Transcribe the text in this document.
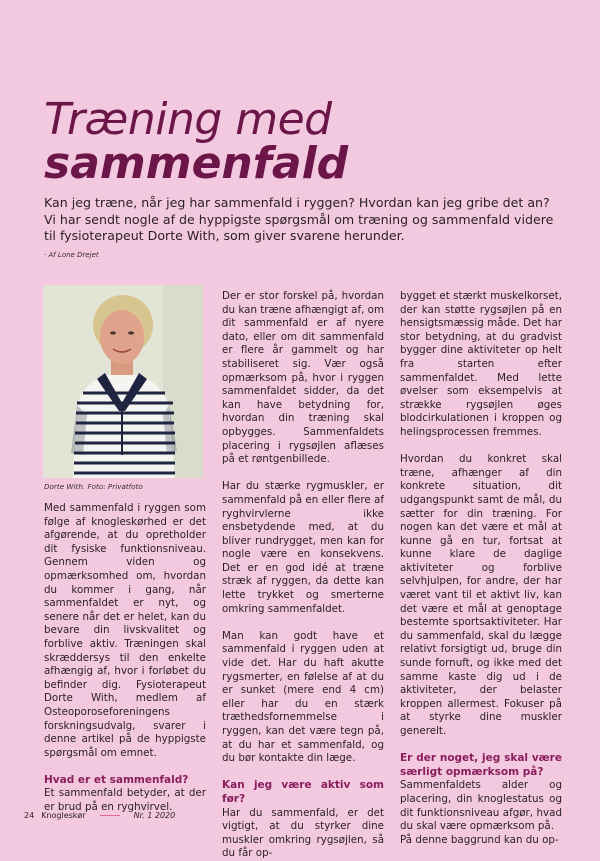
Træning med
sammenfald

Kan jeg træne, når jeg har sammenfald i ryggen? Hvordan kan jeg gribe det an? Vi har sendt nogle af de hyppigste spørgsmål om træning og sammenfald videre til fysioterapeut Dorte With, som giver svarene herunder.

· Af Lone Drejet
Dorte With. Foto: Privatfoto

Med sammenfald i ryggen som følge af knogleskørhed er det afgørende, at du opretholder dit fysiske funktionsniveau. Gennem viden og opmærksomhed om, hvordan du kommer i gang, når sammenfaldet er nyt, og senere når det er helet, kan du bevare din livskvalitet og forblive aktiv. Træningen skal skræddersys til den enkelte afhængig af, hvor i forløbet du befinder dig. Fysioterapeut Dorte With, medlem af Osteoporoseforeningens forskningsudvalg, svarer i denne artikel på de hyppigste spørgsmål om emnet.

Hvad er et sammenfald?

Et sammenfald betyder, at der er brud på en ryghvirvel.

Der er stor forskel på, hvordan du kan træne afhængigt af, om dit sammenfald er af nyere dato, eller om dit sammenfald er flere år gammelt og har stabiliseret sig. Vær også opmærksom på, hvor i ryggen sammenfaldet sidder, da det kan have betydning for, hvordan din træning skal opbygges. Sammenfaldets placering i rygsøjlen aflæses på et røntgenbillede.

Har du stærke rygmuskler, er sammenfald på en eller flere af ryghvirvlerne ikke ensbetydende med, at du bliver rundrygget, men kan for nogle være en konsekvens. Det er en god idé at træne stræk af ryggen, da dette kan lette trykket og smerterne omkring sammenfaldet.

Man kan godt have et sammenfald i ryggen uden at vide det. Har du haft akutte rygsmerter, en følelse af at du er sunket (mere end 4 cm) eller har du en stærk træthedsfornemmelse i ryggen, kan det være tegn på, at du har et sammenfald, og du bør kontakte din læge.

Kan jeg være aktiv som før?

Har du sammenfald, er det vigtigt, at du styrker dine muskler omkring rygsøjlen, så du får op-

bygget et stærkt muskelkorset, der kan støtte rygsøjlen på en hensigtsmæssig måde. Det har stor betydning, at du gradvist bygger dine aktiviteter op helt fra starten efter sammenfaldet. Med lette øvelser som eksempelvis at strække rygsøjlen øges blodcirkulationen i kroppen og helingsprocessen fremmes.

Hvordan du konkret skal træne, afhænger af din konkrete situation, dit udgangspunkt samt de mål, du sætter for din træning. For nogen kan det være et mål at kunne gå en tur, fortsat at kunne klare de daglige aktiviteter og forblive selvhjulpen, for andre, der har været vant til et aktivt liv, kan det være et mål at genoptage bestemte sportsaktiviteter. Har du sammenfald, skal du lægge relativt forsigtigt ud, bruge din sunde fornuft, og ikke med det samme kaste dig ud i de aktiviteter, der belaster kroppen allermest. Fokuser på at styrke dine muskler generelt.

Er der noget, jeg skal være særligt opmærksom på?

Sammenfaldets alder og placering, din knoglestatus og dit funktionsniveau afgør, hvad du skal være opmærksom på.

På denne baggrund kan du op-

24 Knogleskør	Nr. 1 2020
